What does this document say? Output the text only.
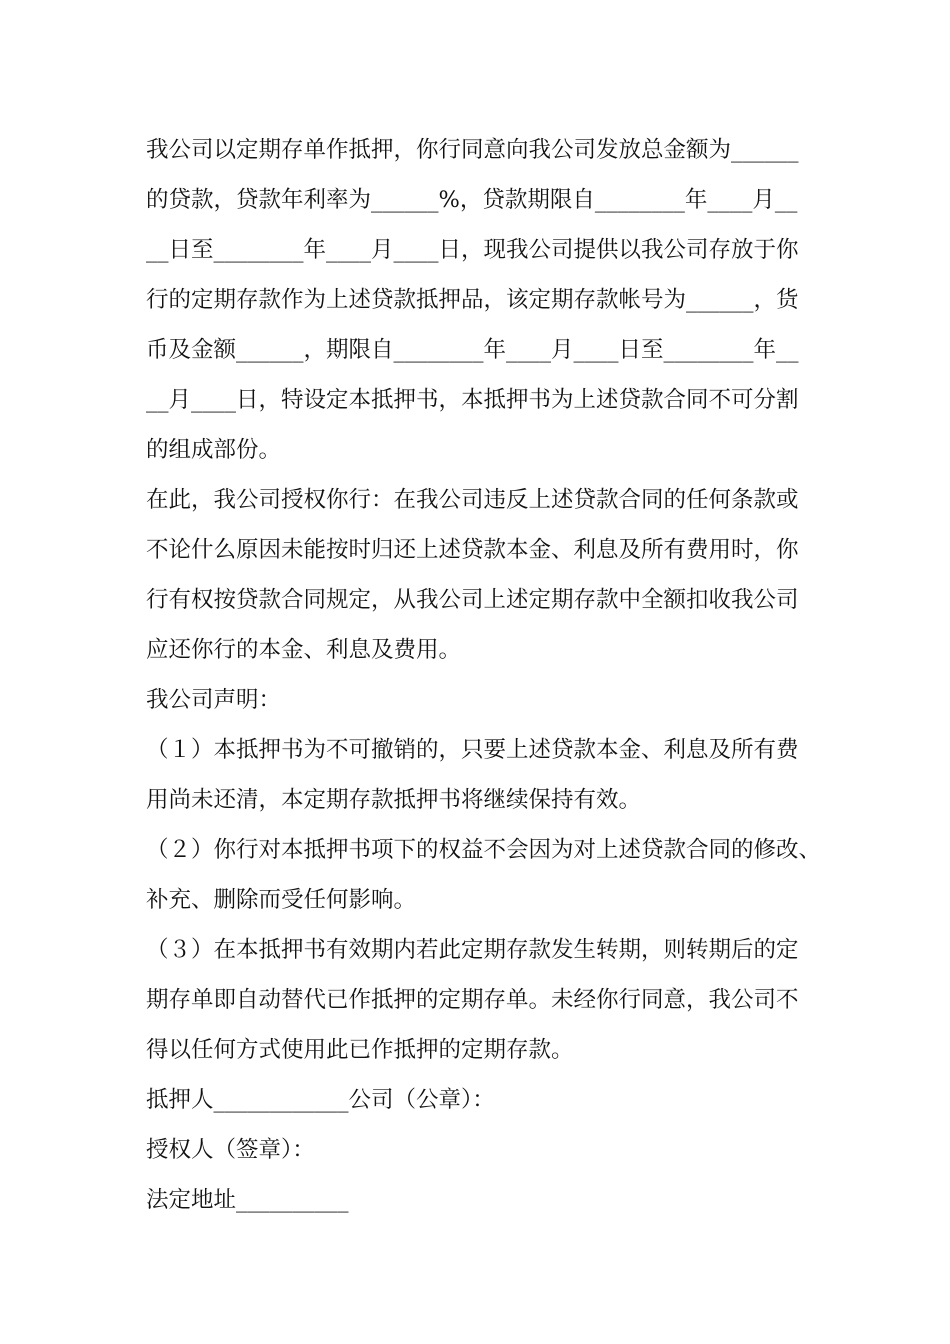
我公司以定期存单作抵押，你行同意向我公司发放总金额为______

的贷款，贷款年利率为______%，贷款期限自________年____月__

__日至________年____月____日，现我公司提供以我公司存放于你

行的定期存款作为上述贷款抵押品，该定期存款帐号为______，货

币及金额______，期限自________年____月____日至________年__

__月____日，特设定本抵押书，本抵押书为上述贷款合同不可分割

的组成部份。

在此，我公司授权你行：在我公司违反上述贷款合同的任何条款或

不论什么原因未能按时归还上述贷款本金、利息及所有费用时，你

行有权按贷款合同规定，从我公司上述定期存款中全额扣收我公司

应还你行的本金、利息及费用。

我公司声明：

（１）本抵押书为不可撤销的，只要上述贷款本金、利息及所有费

用尚未还清，本定期存款抵押书将继续保持有效。

（２）你行对本抵押书项下的权益不会因为对上述贷款合同的修改、

补充、删除而受任何影响。

（３）在本抵押书有效期内若此定期存款发生转期，则转期后的定

期存单即自动替代已作抵押的定期存单。未经你行同意，我公司不

得以任何方式使用此已作抵押的定期存款。

抵押人____________公司（公章）：

授权人（签章）：

法定地址__________
